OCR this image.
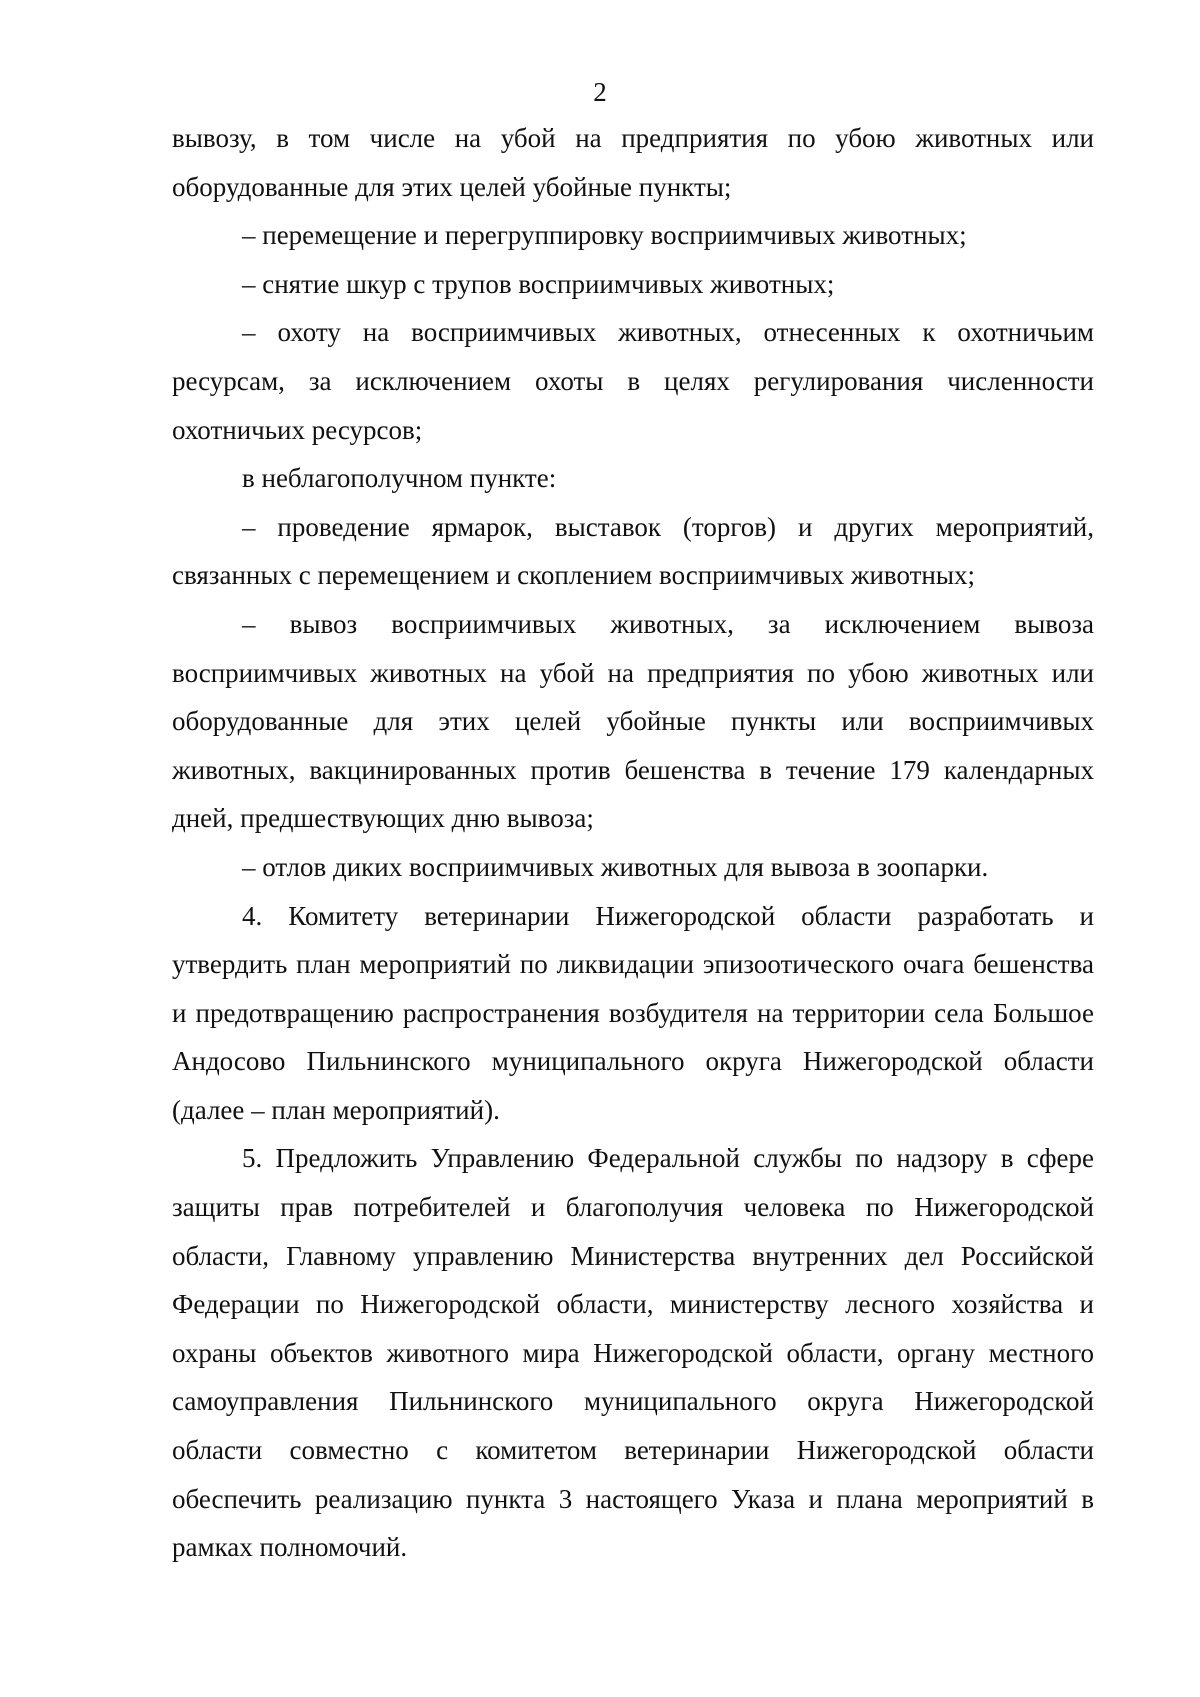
2

вывозу, в том числе на убой на предприятия по убою животных или оборудованные для этих целей убойные пункты;

– перемещение и перегруппировку восприимчивых животных;

– снятие шкур с трупов восприимчивых животных;

– охоту на восприимчивых животных, отнесенных к охотничьим ресурсам, за исключением охоты в целях регулирования численности охотничьих ресурсов;

в неблагополучном пункте:

– проведение ярмарок, выставок (торгов) и других мероприятий, связанных с перемещением и скоплением восприимчивых животных;

– вывоз восприимчивых животных, за исключением вывоза восприимчивых животных на убой на предприятия по убою животных или оборудованные для этих целей убойные пункты или восприимчивых животных, вакцинированных против бешенства в течение 179 календарных дней, предшествующих дню вывоза;

– отлов диких восприимчивых животных для вывоза в зоопарки.

4. Комитету ветеринарии Нижегородской области разработать и утвердить план мероприятий по ликвидации эпизоотического очага бешенства и предотвращению распространения возбудителя на территории села Большое Андосово Пильнинского муниципального округа Нижегородской области (далее – план мероприятий).

5. Предложить Управлению Федеральной службы по надзору в сфере защиты прав потребителей и благополучия человека по Нижегородской области, Главному управлению Министерства внутренних дел Российской Федерации по Нижегородской области, министерству лесного хозяйства и охраны объектов животного мира Нижегородской области, органу местного самоуправления Пильнинского муниципального округа Нижегородской области совместно с комитетом ветеринарии Нижегородской области обеспечить реализацию пункта 3 настоящего Указа и плана мероприятий в рамках полномочий.
